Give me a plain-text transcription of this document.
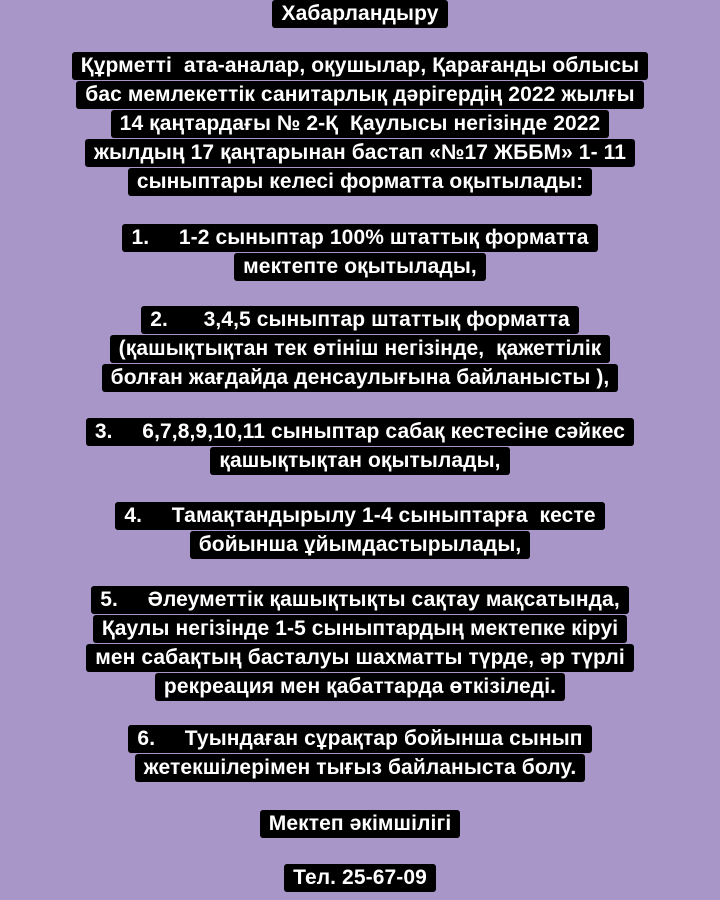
Хабарландыру
Құрметті  ата-аналар, оқушылар, Қарағанды облысы
бас мемлекеттік санитарлық дәрігердің 2022 жылғы
14 қаңтардағы № 2-Қ  Қаулысы негізінде 2022
жылдың 17 қаңтарынан бастап «№17 ЖББМ» 1- 11
сыныптары келесі форматта оқытылады:
1.     1-2 сыныптар 100% штаттық форматта
мектепте оқытылады,
2.      3,4,5 сыныптар штаттық форматта
(қашықтықтан тек өтініш негізінде,  қажеттілік
болған жағдайда денсаулығына байланысты ),
3.     6,7,8,9,10,11 сыныптар сабақ кестесіне сәйкес
қашықтықтан оқытылады,
4.     Тамақтандырылу 1-4 сыныптарға  кесте
бойынша ұйымдастырылады,
5.     Әлеуметтік қашықтықты сақтау мақсатында,
Қаулы негізінде 1-5 сыныптардың мектепке кіруі
мен сабақтың басталуы шахматты түрде, әр түрлі
рекреация мен қабаттарда өткізіледі.
6.     Туындаған сұрақтар бойынша сынып
жетекшілерімен тығыз байланыста болу.
Мектеп әкімшілігі
Тел. 25-67-09
